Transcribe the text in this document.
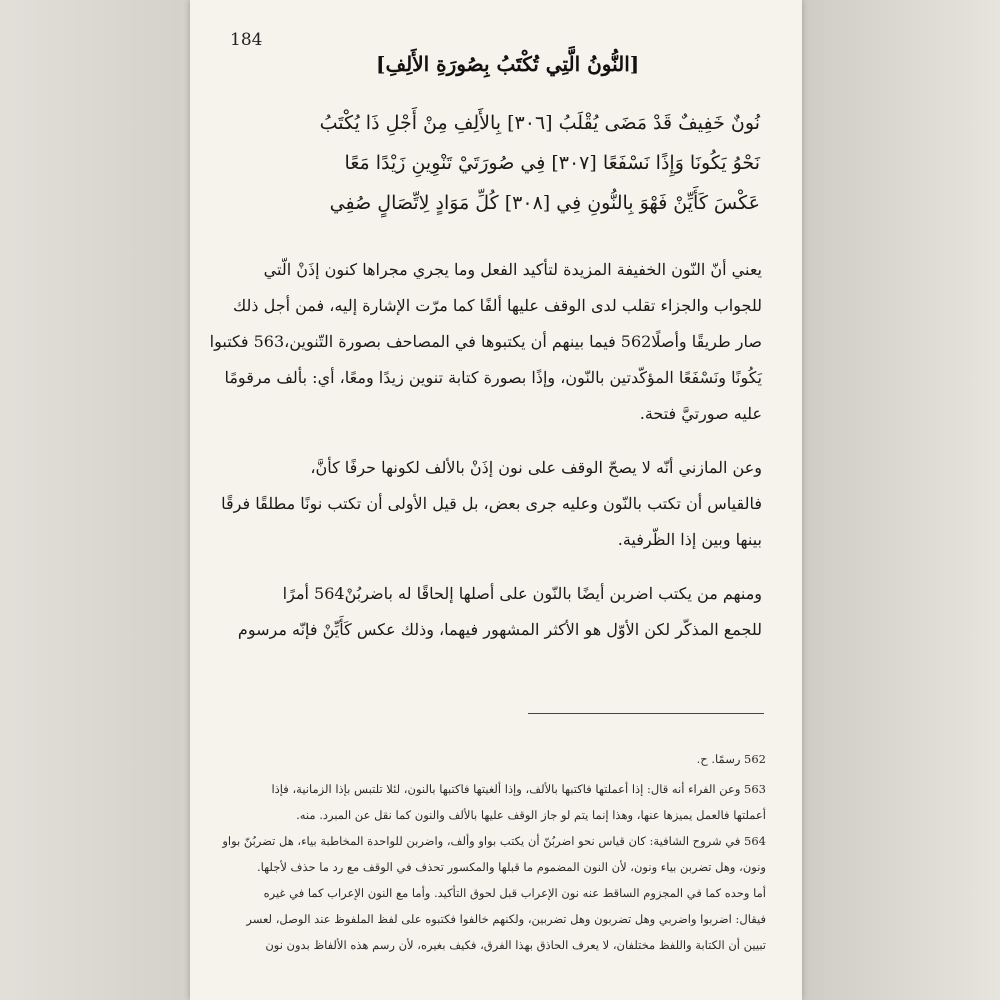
184
[النُّونُ الَّتِي تُكْتَبُ بِصُورَةِ الأَلِفِ]
نُونٌ خَفِيفٌ قَدْ مَضَى يُقْلَبُ [٣٠٦] بِالأَلِفِ مِنْ أَجْلِ ذَا يُكْتَبُ
نَحْوُ يَكُونَا وَإِذًا نَسْفَعًا [٣٠٧] فِي صُورَتَيْ تَنْوِينِ زَيْدًا مَعًا
عَكْسَ كَأَيِّنْ فَهْوَ بِالنُّونِ فِي [٣٠٨] كُلِّ مَوَادٍ لِاتِّصَالٍ صُفِي
يعني أنّ النّون الخفيفة المزيدة لتأكيد الفعل وما يجري مجراها كنون إذَنْ الّتي
للجواب والجزاء تقلب لدى الوقف عليها ألفًا كما مرّت الإشارة إليه، فمن أجل ذلك
صار طريقًا وأصلًا562 فيما بينهم أن يكتبوها في المصاحف بصورة التّنوين،563 فكتبوا
يَكُونًا ونَسْفَعًا المؤكّدتين بالنّون، وإذًا بصورة كتابة تنوين زيدًا ومعًا، أي: بألف مرقومًا
عليه صورتيَّ فتحة.
وعن المازني أنّه لا يصحّ الوقف على نون إذَنْ بالألف لكونها حرفًا كأنَّ،
فالقياس أن تكتب بالنّون وعليه جرى بعض، بل قيل الأولى أن تكتب نونًا مطلقًا فرقًا
بينها وبين إذا الظّرفية.
ومنهم من يكتب اضربن أيضًا بالنّون على أصلها إلحاقًا له باضربُنْ564 أمرًا
للجمع المذكّر لكن الأوّل هو الأكثر المشهور فيهما، وذلك عكس كَأَيِّنْ فإنّه مرسوم
562 رسمًا. ح.
563 وعن الفراء أنه قال: إذا أعملتها فاكتبها بالألف، وإذا ألغيتها فاكتبها بالنون، لئلا تلتبس بإذا الزمانية، فإذا
أعملتها فالعمل يميزها عنها، وهذا إنما يتم لو جاز الوقف عليها بالألف والنون كما نقل عن المبرد. منه.
564 في شروح الشافية: كان قياس نحو اضربُنّ أن يكتب بواو وألف، واضربن للواحدة المخاطبة بياء، هل تضربُنّ بواو
ونون، وهل تضربن بياء ونون، لأن النون المضموم ما قبلها والمكسور تحذف في الوقف مع رد ما حذف لأجلها.
أما وحده كما في المجزوم الساقط عنه نون الإعراب قبل لحوق التأكيد. وأما مع النون الإعراب كما في غيره
فيقال: اضربوا واضربي وهل تضربون وهل تضربين، ولكنهم خالفوا فكتبوه على لفظ الملفوظ عند الوصل، لعسر
تبيين أن الكتابة واللفظ مختلفان، لا يعرف الحاذق بهذا الفرق، فكيف بغيره، لأن رسم هذه الألفاظ بدون نون
